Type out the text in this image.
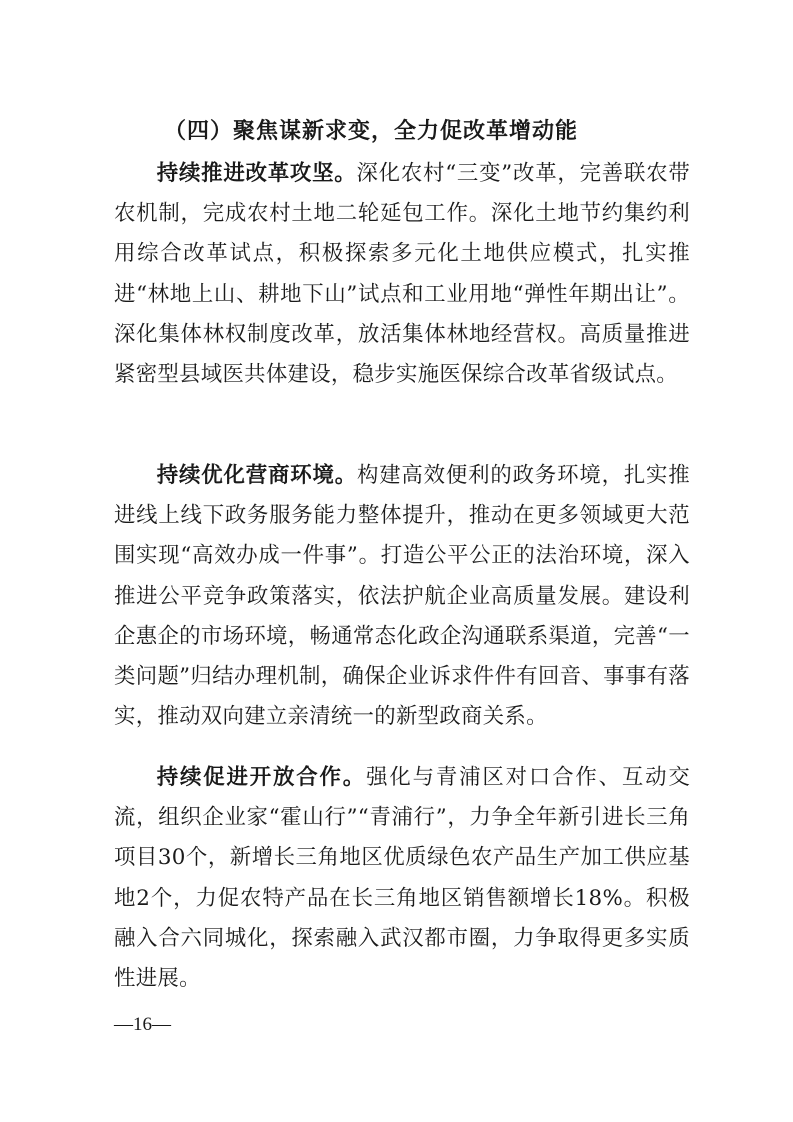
（四）聚焦谋新求变，全力促改革增动能

持续推进改革攻坚。深化农村“三变”改革，完善联农带农机制，完成农村土地二轮延包工作。深化土地节约集约利用综合改革试点，积极探索多元化土地供应模式，扎实推进“林地上山、耕地下山”试点和工业用地“弹性年期出让”。深化集体林权制度改革，放活集体林地经营权。高质量推进紧密型县域医共体建设，稳步实施医保综合改革省级试点。

持续优化营商环境。构建高效便利的政务环境，扎实推进线上线下政务服务能力整体提升，推动在更多领域更大范围实现“高效办成一件事”。打造公平公正的法治环境，深入推进公平竞争政策落实，依法护航企业高质量发展。建设利企惠企的市场环境，畅通常态化政企沟通联系渠道，完善“一类问题”归结办理机制，确保企业诉求件件有回音、事事有落实，推动双向建立亲清统一的新型政商关系。

持续促进开放合作。强化与青浦区对口合作、互动交流，组织企业家“霍山行”“青浦行”，力争全年新引进长三角项目30个，新增长三角地区优质绿色农产品生产加工供应基地2个，力促农特产品在长三角地区销售额增长18%。积极融入合六同城化，探索融入武汉都市圈，力争取得更多实质性进展。

—16—
